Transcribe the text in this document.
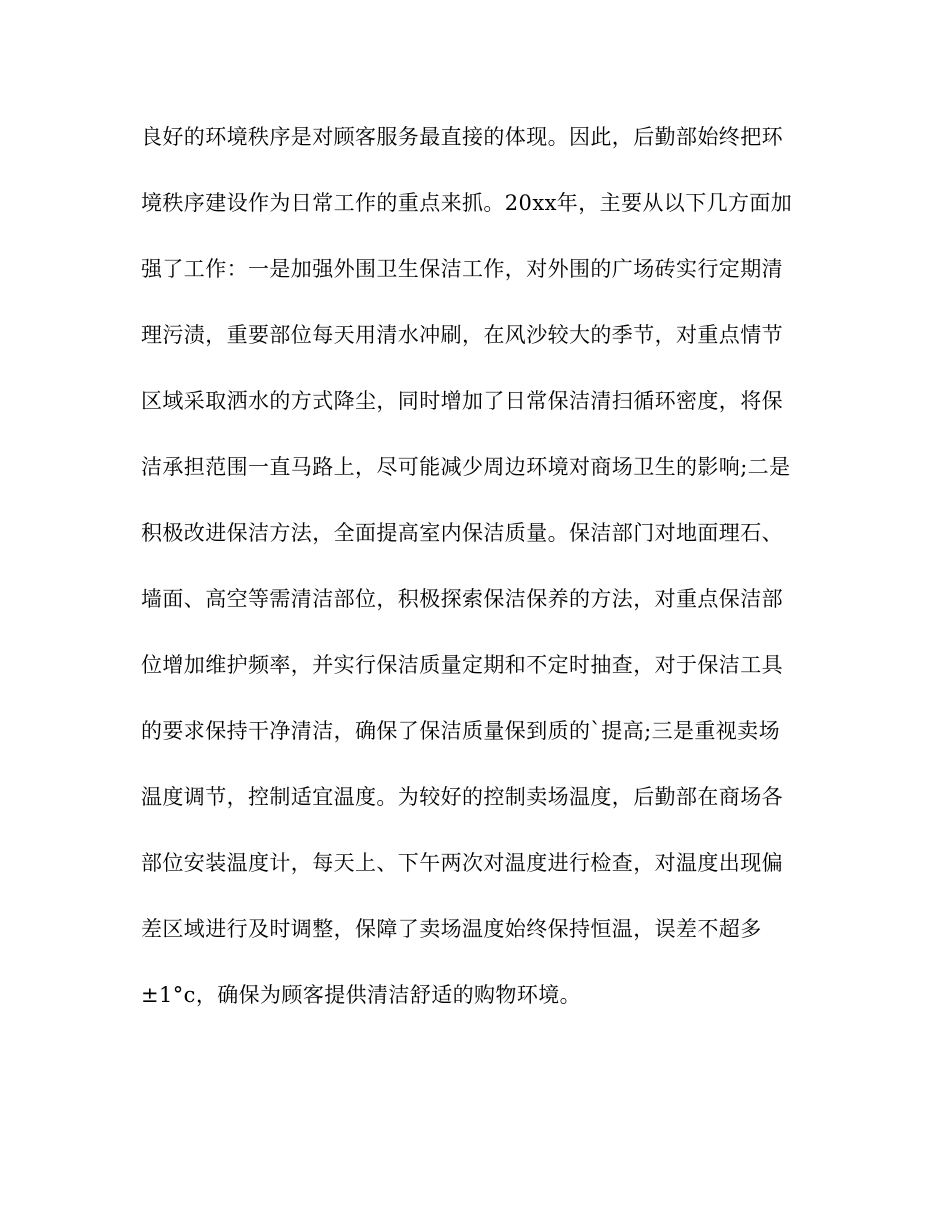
良好的环境秩序是对顾客服务最直接的体现。因此，后勤部始终把环
境秩序建设作为日常工作的重点来抓。20xx年，主要从以下几方面加
强了工作：一是加强外围卫生保洁工作，对外围的广场砖实行定期清
理污渍，重要部位每天用清水冲刷，在风沙较大的季节，对重点情节
区域采取洒水的方式降尘，同时增加了日常保洁清扫循环密度，将保
洁承担范围一直马路上，尽可能减少周边环境对商场卫生的影响;二是
积极改进保洁方法，全面提高室内保洁质量。保洁部门对地面理石、
墙面、高空等需清洁部位，积极探索保洁保养的方法，对重点保洁部
位增加维护频率，并实行保洁质量定期和不定时抽查，对于保洁工具
的要求保持干净清洁，确保了保洁质量保到质的`提高;三是重视卖场
温度调节，控制适宜温度。为较好的控制卖场温度，后勤部在商场各
部位安装温度计，每天上、下午两次对温度进行检查，对温度出现偏
差区域进行及时调整，保障了卖场温度始终保持恒温，误差不超多
±1°c，确保为顾客提供清洁舒适的购物环境。
